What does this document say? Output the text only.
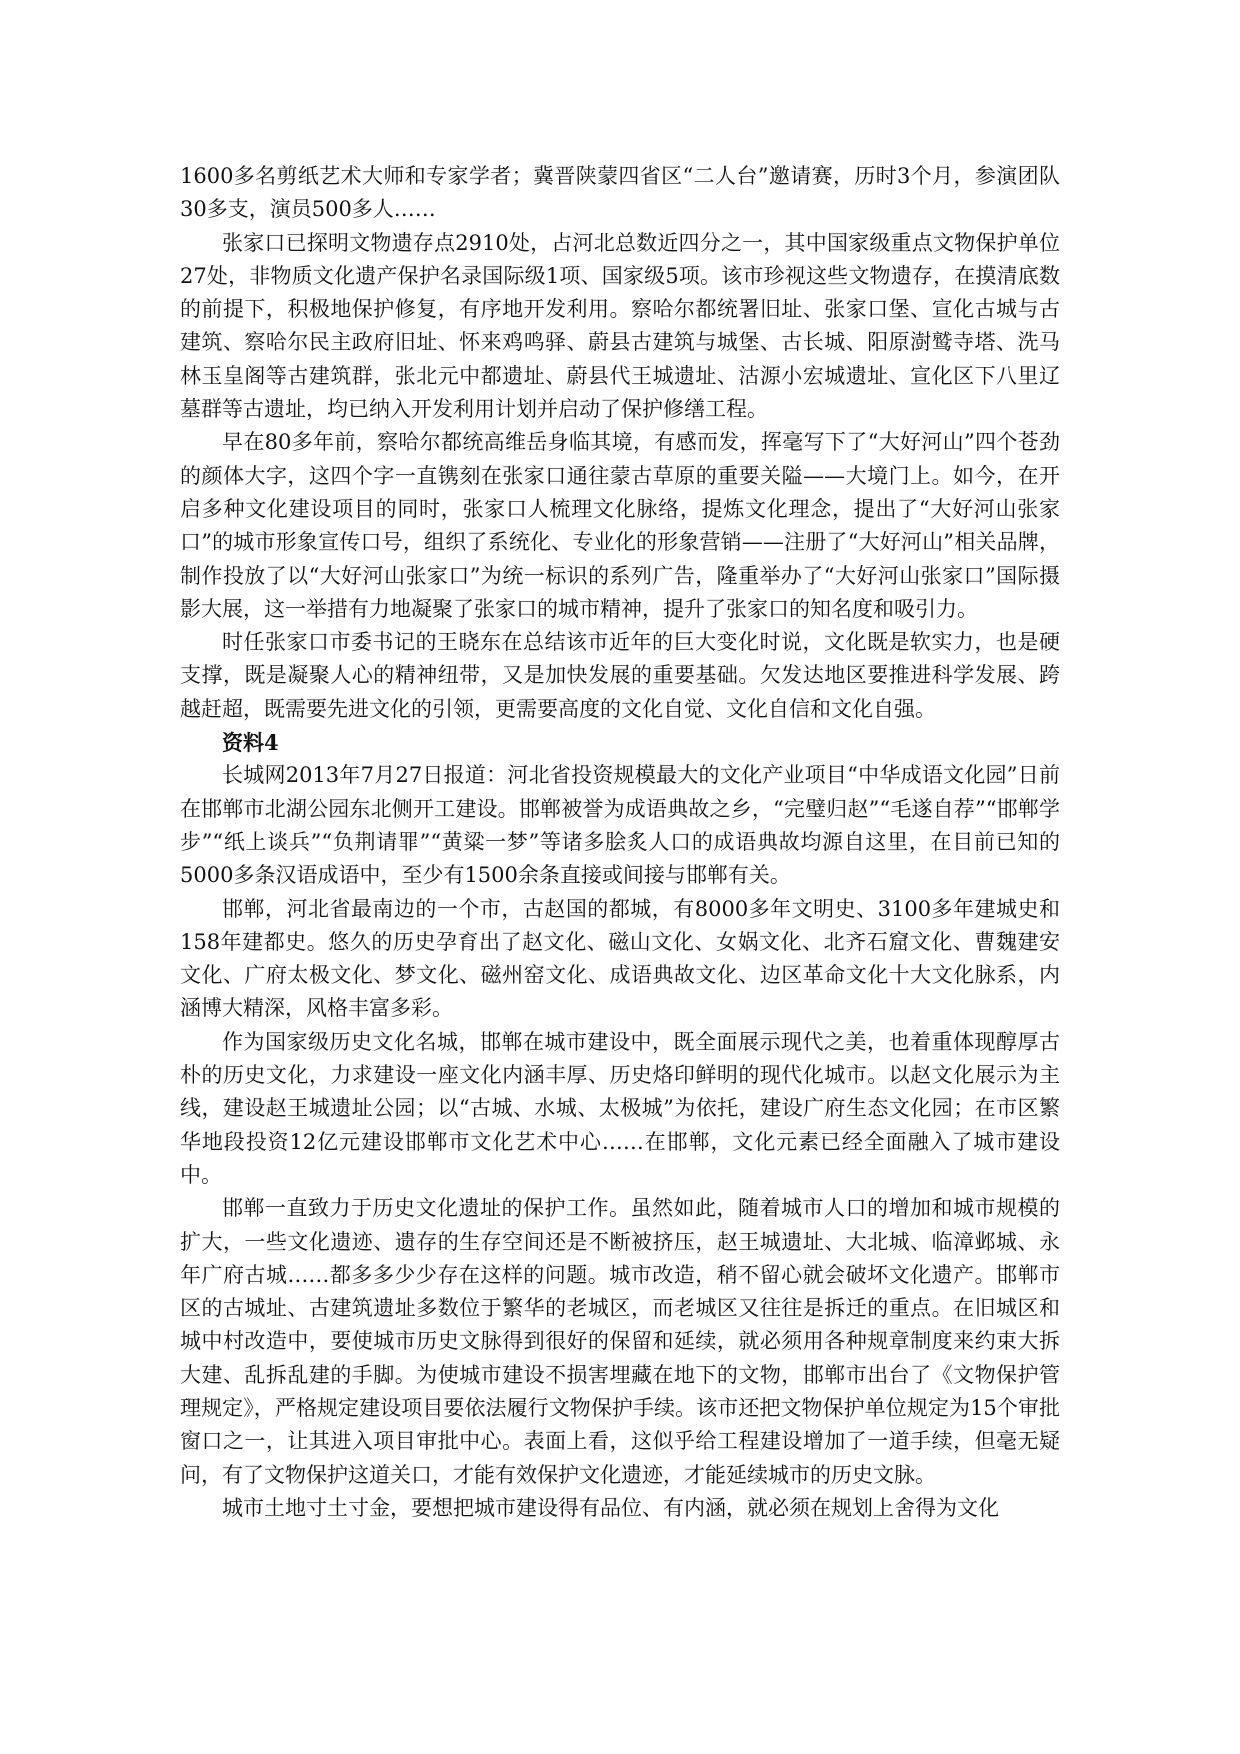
1600多名剪纸艺术大师和专家学者；冀晋陕蒙四省区“二人台”邀请赛，历时3个月，参演团队30多支，演员500多人……

张家口已探明文物遗存点2910处，占河北总数近四分之一，其中国家级重点文物保护单位27处，非物质文化遗产保护名录国际级1项、国家级5项。该市珍视这些文物遗存，在摸清底数的前提下，积极地保护修复，有序地开发利用。察哈尔都统署旧址、张家口堡、宣化古城与古建筑、察哈尔民主政府旧址、怀来鸡鸣驿、蔚县古建筑与城堡、古长城、阳原澍鹫寺塔、洗马林玉皇阁等古建筑群，张北元中都遗址、蔚县代王城遗址、沽源小宏城遗址、宣化区下八里辽墓群等古遗址，均已纳入开发利用计划并启动了保护修缮工程。

早在80多年前，察哈尔都统高维岳身临其境，有感而发，挥毫写下了“大好河山”四个苍劲的颜体大字，这四个字一直镌刻在张家口通往蒙古草原的重要关隘——大境门上。如今，在开启多种文化建设项目的同时，张家口人梳理文化脉络，提炼文化理念，提出了“大好河山张家口”的城市形象宣传口号，组织了系统化、专业化的形象营销——注册了“大好河山”相关品牌，制作投放了以“大好河山张家口”为统一标识的系列广告，隆重举办了“大好河山张家口”国际摄影大展，这一举措有力地凝聚了张家口的城市精神，提升了张家口的知名度和吸引力。

时任张家口市委书记的王晓东在总结该市近年的巨大变化时说，文化既是软实力，也是硬支撑，既是凝聚人心的精神纽带，又是加快发展的重要基础。欠发达地区要推进科学发展、跨越赶超，既需要先进文化的引领，更需要高度的文化自觉、文化自信和文化自强。

资料4

长城网2013年7月27日报道：河北省投资规模最大的文化产业项目“中华成语文化园”日前在邯郸市北湖公园东北侧开工建设。邯郸被誉为成语典故之乡，“完璧归赵”“毛遂自荐”“邯郸学步”“纸上谈兵”“负荆请罪”“黄粱一梦”等诸多脍炙人口的成语典故均源自这里，在目前已知的5000多条汉语成语中，至少有1500余条直接或间接与邯郸有关。

邯郸，河北省最南边的一个市，古赵国的都城，有8000多年文明史、3100多年建城史和158年建都史。悠久的历史孕育出了赵文化、磁山文化、女娲文化、北齐石窟文化、曹魏建安文化、广府太极文化、梦文化、磁州窑文化、成语典故文化、边区革命文化十大文化脉系，内涵博大精深，风格丰富多彩。

作为国家级历史文化名城，邯郸在城市建设中，既全面展示现代之美，也着重体现醇厚古朴的历史文化，力求建设一座文化内涵丰厚、历史烙印鲜明的现代化城市。以赵文化展示为主线，建设赵王城遗址公园；以“古城、水城、太极城”为依托，建设广府生态文化园；在市区繁华地段投资12亿元建设邯郸市文化艺术中心……在邯郸，文化元素已经全面融入了城市建设中。

邯郸一直致力于历史文化遗址的保护工作。虽然如此，随着城市人口的增加和城市规模的扩大，一些文化遗迹、遗存的生存空间还是不断被挤压，赵王城遗址、大北城、临漳邺城、永年广府古城……都多多少少存在这样的问题。城市改造，稍不留心就会破坏文化遗产。邯郸市区的古城址、古建筑遗址多数位于繁华的老城区，而老城区又往往是拆迁的重点。在旧城区和城中村改造中，要使城市历史文脉得到很好的保留和延续，就必须用各种规章制度来约束大拆大建、乱拆乱建的手脚。为使城市建设不损害埋藏在地下的文物，邯郸市出台了《文物保护管理规定》，严格规定建设项目要依法履行文物保护手续。该市还把文物保护单位规定为15个审批窗口之一，让其进入项目审批中心。表面上看，这似乎给工程建设增加了一道手续，但毫无疑问，有了文物保护这道关口，才能有效保护文化遗迹，才能延续城市的历史文脉。

城市土地寸土寸金，要想把城市建设得有品位、有内涵，就必须在规划上舍得为文化
